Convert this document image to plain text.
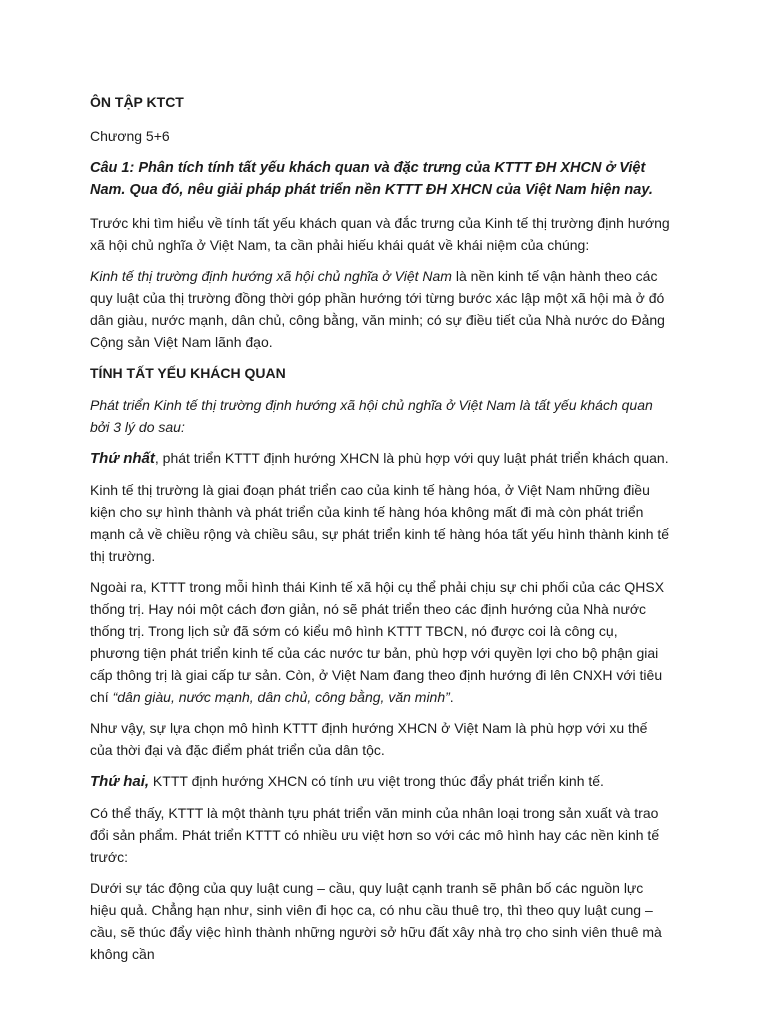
ÔN TẬP KTCT

Chương 5+6

Câu 1: Phân tích tính tất yếu khách quan và đặc trưng của KTTT ĐH XHCN ở Việt Nam. Qua đó, nêu giải pháp phát triển nền KTTT ĐH XHCN của Việt Nam hiện nay.

Trước khi tìm hiểu về tính tất yếu khách quan và đắc trưng của Kinh tế thị trường định hướng xã hội chủ nghĩa ở Việt Nam, ta cần phải hiếu khái quát về khái niệm của chúng:

Kinh tế thị trường định hướng xã hội chủ nghĩa ở Việt Nam là nền kinh tế vận hành theo các quy luật của thị trường đồng thời góp phần hướng tới từng bước xác lập một xã hội mà ở đó dân giàu, nước mạnh, dân chủ, công bằng, văn minh; có sự điều tiết của Nhà nước do Đảng Cộng sản Việt Nam lãnh đạo.

TÍNH TẤT YẾU KHÁCH QUAN

Phát triển Kinh tế thị trường định hướng xã hội chủ nghĩa ở Việt Nam là tất yếu khách quan bởi 3 lý do sau:

Thứ nhất, phát triển KTTT định hướng XHCN là phù hợp với quy luật phát triển khách quan.

Kinh tế thị trường là giai đoạn phát triển cao của kinh tế hàng hóa, ở Việt Nam những điều kiện cho sự hình thành và phát triển của kinh tế hàng hóa không mất đi mà còn phát triển mạnh cả về chiều rộng và chiều sâu, sự phát triển kinh tế hàng hóa tất yếu hình thành kinh tế thị trường.

Ngoài ra, KTTT trong mỗi hình thái Kinh tế xã hội cụ thể phải chịu sự chi phối của các QHSX thống trị. Hay nói một cách đơn giản, nó sẽ phát triển theo các định hướng của Nhà nước thống trị. Trong lịch sử đã sớm có kiểu mô hình KTTT TBCN, nó được coi là công cụ, phương tiện phát triển kinh tế của các nước tư bản, phù hợp với quyền lợi cho bộ phận giai cấp thông trị là giai cấp tư sản. Còn, ở Việt Nam đang theo định hướng đi lên CNXH với tiêu chí “dân giàu, nước mạnh, dân chủ, công bằng, văn minh”.

Như vậy, sự lựa chọn mô hình KTTT định hướng XHCN ở Việt Nam là phù hợp với xu thế của thời đại và đặc điểm phát triển của dân tộc.

Thứ hai, KTTT định hướng XHCN có tính ưu việt trong thúc đẩy phát triển kinh tế.

Có thể thấy, KTTT là một thành tựu phát triển văn minh của nhân loại trong sản xuất và trao đổi sản phẩm. Phát triển KTTT có nhiều ưu việt hơn so với các mô hình hay các nền kinh tế trước:

Dưới sự tác động của quy luật cung – cầu, quy luật cạnh tranh sẽ phân bố các nguồn lực hiệu quả. Chẳng hạn như, sinh viên đi học ca, có nhu cầu thuê trọ, thì theo quy luật cung – cầu, sẽ thúc đẩy việc hình thành những người sở hữu đất xây nhà trọ cho sinh viên thuê mà không cần
